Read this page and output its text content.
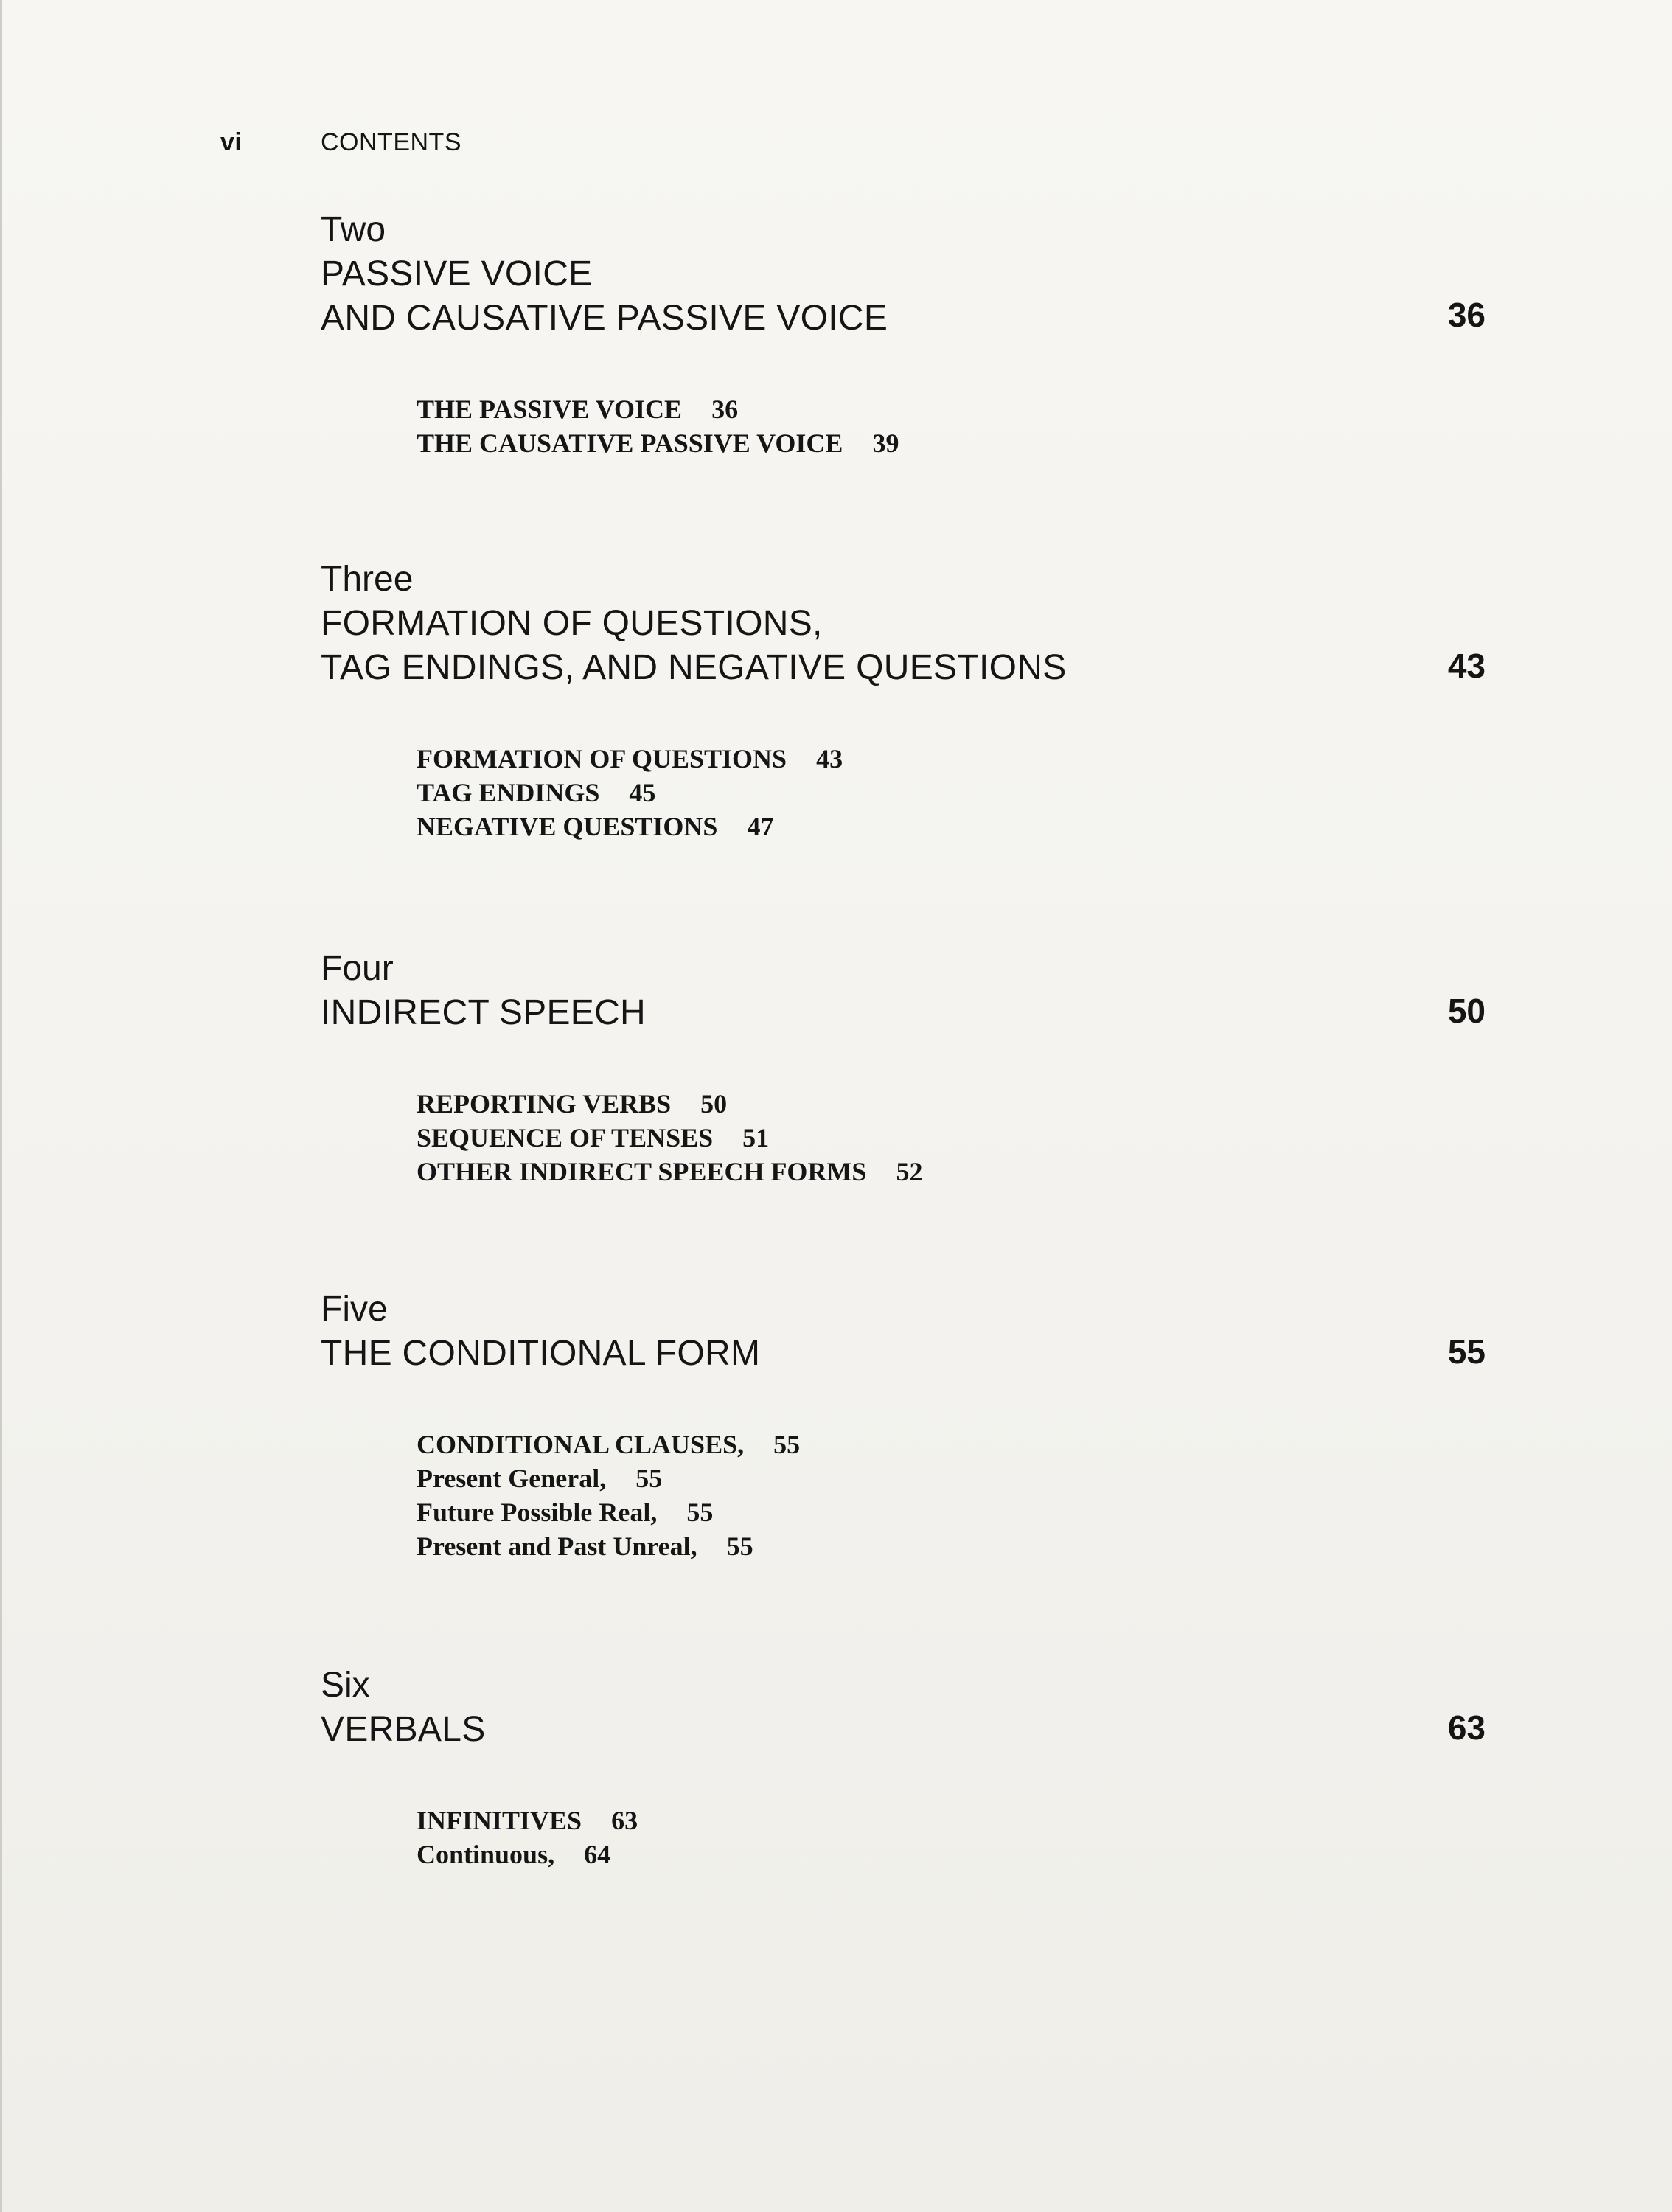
vi	CONTENTS

Two

PASSIVE VOICE

AND CAUSATIVE PASSIVE VOICE	36

THE PASSIVE VOICE 36

THE CAUSATIVE PASSIVE VOICE 39

Three

FORMATION OF QUESTIONS,

TAG ENDINGS, AND NEGATIVE QUESTIONS	43

FORMATION OF QUESTIONS 43

TAG ENDINGS 45

NEGATIVE QUESTIONS 47

Four

INDIRECT SPEECH	50

REPORTING VERBS 50

SEQUENCE OF TENSES 51

OTHER INDIRECT SPEECH FORMS 52

Five

THE CONDITIONAL FORM	55

CONDITIONAL CLAUSES, 55

Present General, 55

Future Possible Real, 55

Present and Past Unreal, 55

Six

VERBALS	63

INFINITIVES 63

Continuous, 64
